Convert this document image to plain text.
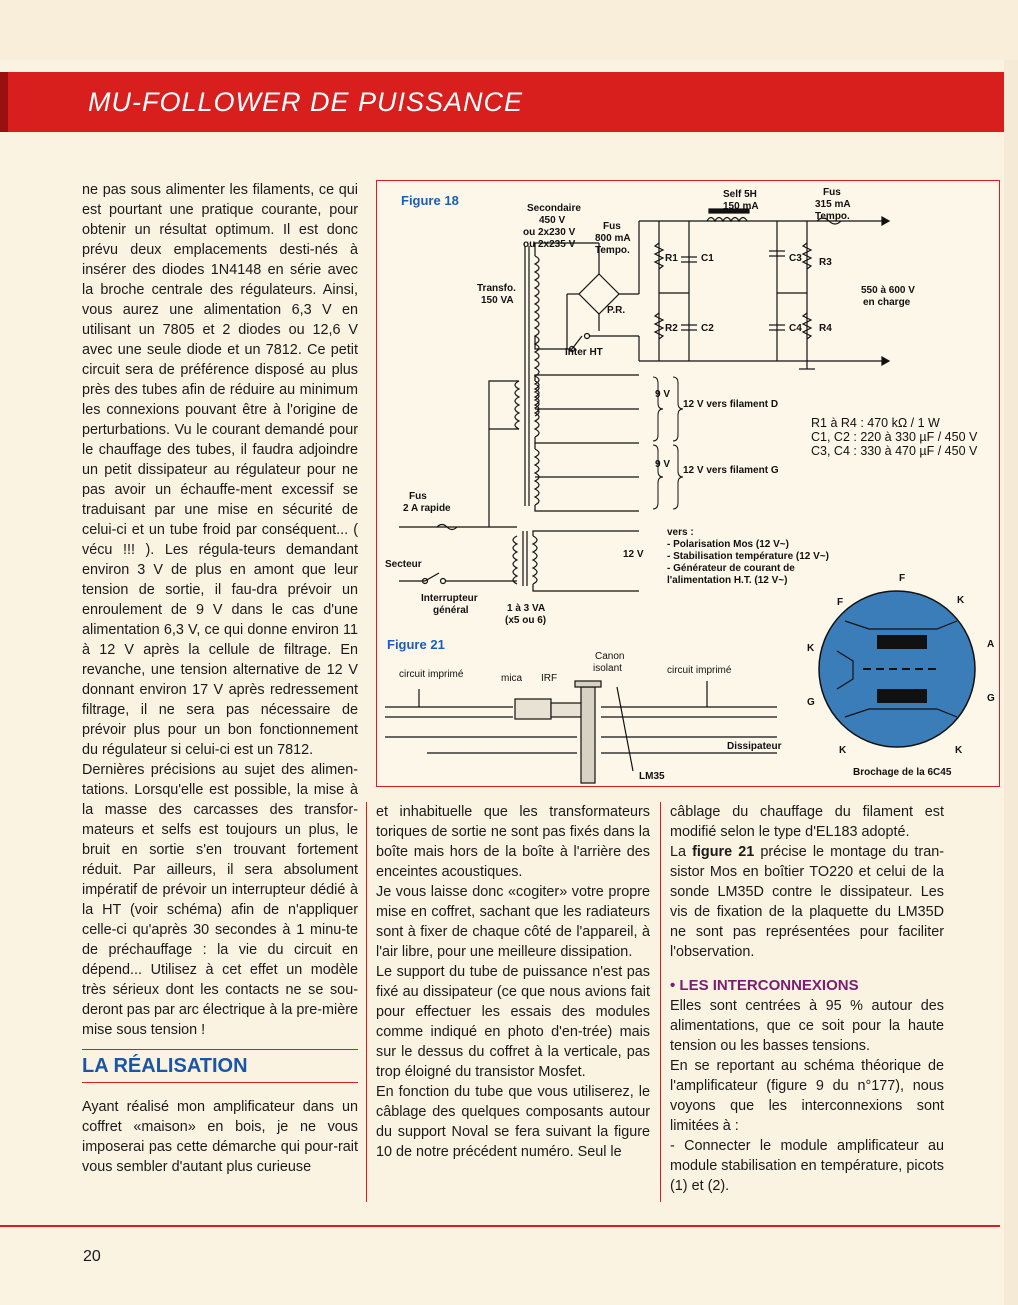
MU-FOLLOWER DE PUISSANCE

ne pas sous alimenter les filaments, ce qui est pourtant une pratique courante, pour obtenir un résultat optimum. Il est donc prévu deux emplacements desti-nés à insérer des diodes 1N4148 en série avec la broche centrale des régulateurs. Ainsi, vous aurez une alimentation 6,3 V en utilisant un 7805 et 2 diodes ou 12,6 V avec une seule diode et un 7812. Ce petit circuit sera de préférence disposé au plus près des tubes afin de réduire au minimum les connexions pouvant être à l'origine de perturbations. Vu le courant demandé pour le chauffage des tubes, il faudra adjoindre un petit dissipateur au régulateur pour ne pas avoir un échauffe-ment excessif se traduisant par une mise en sécurité de celui-ci et un tube froid par conséquent... ( vécu !!! ). Les régula-teurs demandant environ 3 V de plus en amont que leur tension de sortie, il fau-dra prévoir un enroulement de 9 V dans le cas d'une alimentation 6,3 V, ce qui donne environ 11 à 12 V après la cellule de filtrage. En revanche, une tension alternative de 12 V donnant environ 17 V après redressement filtrage, il ne sera pas nécessaire de prévoir plus pour un bon fonctionnement du régulateur si celui-ci est un 7812.

Dernières précisions au sujet des alimen-tations. Lorsqu'elle est possible, la mise à la masse des carcasses des transfor-mateurs et selfs est toujours un plus, le bruit en sortie s'en trouvant fortement réduit. Par ailleurs, il sera absolument impératif de prévoir un interrupteur dédié à la HT (voir schéma) afin de n'appliquer celle-ci qu'après 30 secondes à 1 minu-te de préchauffage : la vie du circuit en dépend... Utilisez à cet effet un modèle très sérieux dont les contacts ne se sou-deront pas par arc électrique à la pre-mière mise sous tension !

LA RÉALISATION

Ayant réalisé mon amplificateur dans un coffret «maison» en bois, je ne vous imposerai pas cette démarche qui pour-rait vous sembler d'autant plus curieuse

et inhabituelle que les transformateurs toriques de sortie ne sont pas fixés dans la boîte mais hors de la boîte à l'arrière des enceintes acoustiques.

Je vous laisse donc «cogiter» votre propre mise en coffret, sachant que les radiateurs sont à fixer de chaque côté de l'appareil, à l'air libre, pour une meilleure dissipation.

Le support du tube de puissance n'est pas fixé au dissipateur (ce que nous avions fait pour effectuer les essais des modules comme indiqué en photo d'en-trée) mais sur le dessus du coffret à la verticale, pas trop éloigné du transistor Mosfet.

En fonction du tube que vous utiliserez, le câblage des quelques composants autour du support Noval se fera suivant la figure 10 de notre précédent numéro. Seul le

câblage du chauffage du filament est modifié selon le type d'EL183 adopté.

La figure 21 précise le montage du tran-sistor Mos en boîtier TO220 et celui de la sonde LM35D contre le dissipateur. Les vis de fixation de la plaquette du LM35D ne sont pas représentées pour faciliter l'observation.

• LES INTERCONNEXIONS

Elles sont centrées à 95 % autour des alimentations, que ce soit pour la haute tension ou les basses tensions.

En se reportant au schéma théorique de l'amplificateur (figure 9 du n°177), nous voyons que les interconnexions sont limitées à :

- Connecter le module amplificateur au module stabilisation en température, picots (1) et (2).

Figure 18
Secondaire
450 V
ou 2x230 V
ou 2x235 V
Fus
800 mA
Tempo.
Self 5H
150 mA
Fus
315 mA
Tempo.
Transfo.
150 VA
P.R.
Inter HT
R1
R2
C1
C2
C3
C4
R3
R4
550 à 600 V
en charge
9 V
12 V vers filament D
9 V
12 V vers filament G
Fus
2 A rapide
Secteur
Interrupteur
général	1 à 3 VA
(x5 ou 6)
12 V
vers :
- Polarisation Mos (12 V~)
- Stabilisation température (12 V~)
- Générateur de courant de
l'alimentation H.T. (12 V~)
R1 à R4 : 470 kΩ / 1 W
C1, C2 : 220 à 330 µF / 450 V
C3, C4 : 330 à 470 µF / 450 V
Figure 21
circuit imprimé	mica IRF
Canon
isolant	circuit imprimé
Dissipateur
LM35
F
F
K
K	A
G	G
K	K
Brochage de la 6C45
20
